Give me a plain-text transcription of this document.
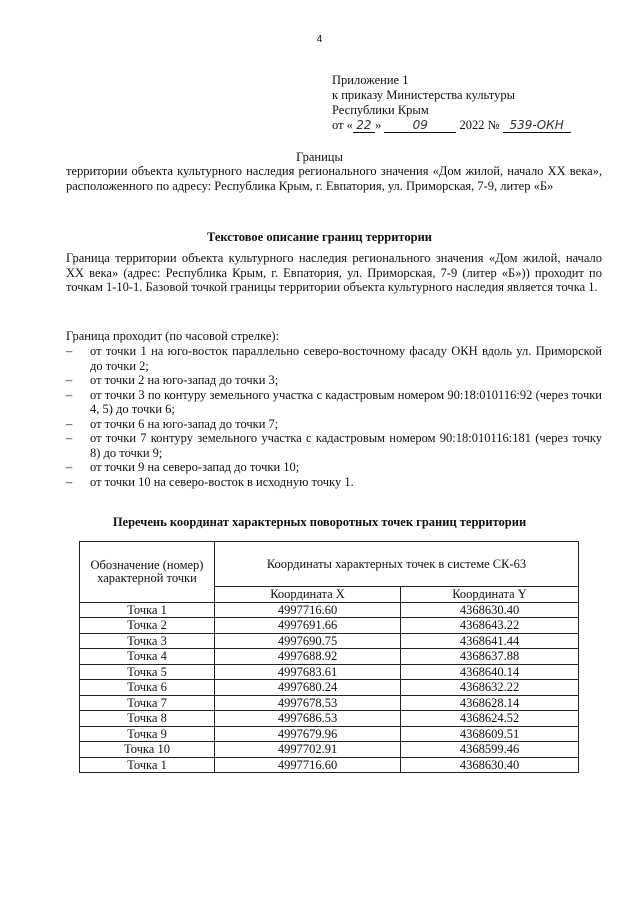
4
Приложение 1
к приказу Министерства культуры
Республики Крым
от « 22 »	09	2022 № 539-ОКН
Границы
территории объекта культурного наследия регионального значения «Дом жилой, начало XX века», расположенного по адресу: Республика Крым, г. Евпатория, ул. Приморская, 7-9, литер «Б»
Текстовое описание границ территории
Граница территории объекта культурного наследия регионального значения «Дом жилой, начало XX века» (адрес: Республика Крым, г. Евпатория, ул. Приморская, 7-9 (литер «Б»)) проходит по точкам 1-10-1. Базовой точкой границы территории объекта культурного наследия является точка 1.
Граница проходит (по часовой стрелке):
– от точки 1 на юго-восток параллельно северо-восточному фасаду ОКН вдоль ул. Приморской до точки 2;
– от точки 2 на юго-запад до точки 3;
– от точки 3 по контуру земельного участка с кадастровым номером 90:18:010116:92 (через точки 4, 5) до точки 6;
– от точки 6 на юго-запад до точки 7;
– от точки 7 контуру земельного участка с кадастровым номером 90:18:010116:181 (через точку 8) до точки 9;
– от точки 9 на северо-запад до точки 10;
– от точки 10 на северо-восток в исходную точку 1.
Перечень координат характерных поворотных точек границ территории
Обозначение (номер) характерной точки	Координаты характерных точек в системе СК-63	
	Координата X	Координата Y
Точка 1	4997716.60	4368630.40
Точка 2	4997691.66	4368643.22
Точка 3	4997690.75	4368641.44
Точка 4	4997688.92	4368637.88
Точка 5	4997683.61	4368640.14
Точка 6	4997680.24	4368632.22
Точка 7	4997678.53	4368628.14
Точка 8	4997686.53	4368624.52
Точка 9	4997679.96	4368609.51
Точка 10	4997702.91	4368599.46
Точка 1	4997716.60	4368630.40
